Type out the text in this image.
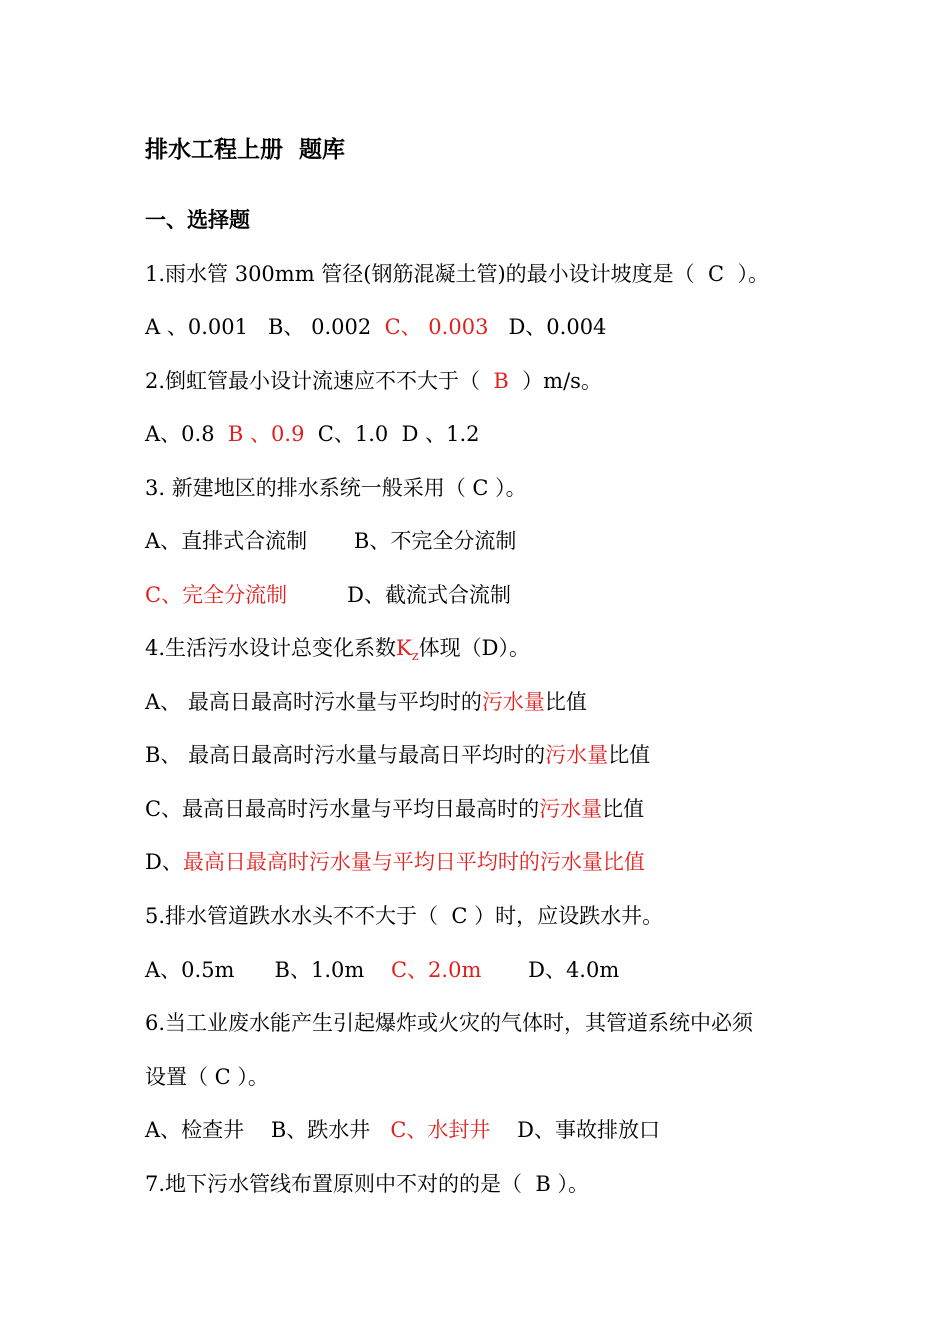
排水工程上册  题库
一、选择题
1.雨水管 300mm 管径(钢筋混凝土管)的最小设计坡度是（  C  ）。
A 、0.001   B、 0.002  C、 0.003   D、0.004
2.倒虹管最小设计流速应不不大于（  B  ）m/s。
A、0.8  B 、0.9  C、1.0  D 、1.2
3. 新建地区的排水系统一般采用（ C ）。
A、直排式合流制       B、不完全分流制
C、完全分流制         D、截流式合流制
4.生活污水设计总变化系数$K_z$体现（D）。
A、 最高日最高时污水量与平均时的污水量比值
B、 最高日最高时污水量与最高日平均时的污水量比值
C、最高日最高时污水量与平均日最高时的污水量比值
D、最高日最高时污水量与平均日平均时的污水量比值
5.排水管道跌水水头不不大于（  C ）时，应设跌水井。
A、0.5m      B、1.0m    C、2.0m       D、4.0m
6.当工业废水能产生引起爆炸或火灾的气体时，其管道系统中必须
设置（ C ）。
A、检查井    B、跌水井   C、水封井    D、事故排放口
7.地下污水管线布置原则中不对的的是（  B ）。
